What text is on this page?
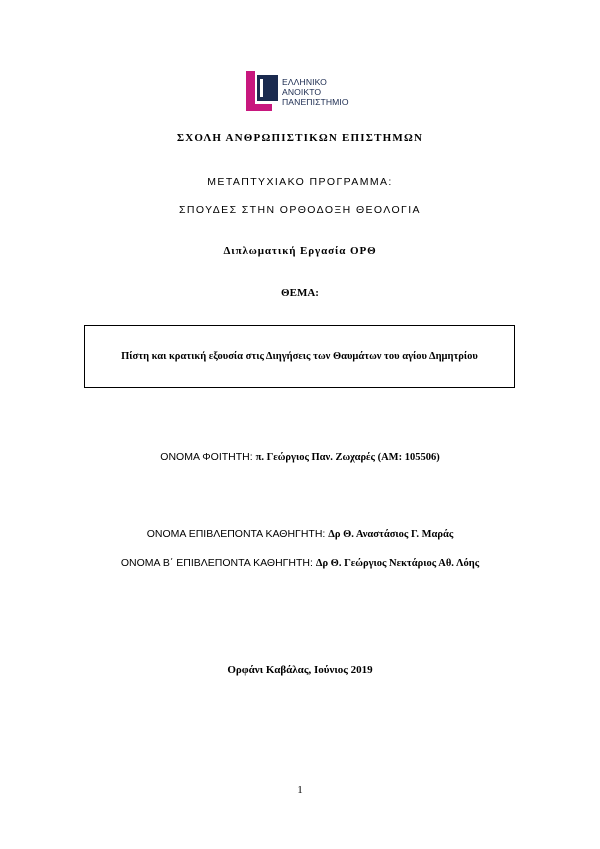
ΕΛΛΗΝΙΚΟ
ΑΝΟΙΚΤΟ
ΠΑΝΕΠΙΣΤΗΜΙΟ
ΣΧΟΛΗ ΑΝΘΡΩΠΙΣΤΙΚΩΝ ΕΠΙΣΤΗΜΩΝ
ΜΕΤΑΠΤΥΧΙΑΚΟ ΠΡΟΓΡΑΜΜΑ:
ΣΠΟΥΔΕΣ ΣΤΗΝ ΟΡΘΟΔΟΞΗ ΘΕΟΛΟΓΙΑ
Διπλωματική Εργασία ΟΡΘ
ΘΕΜΑ:
Πίστη και κρατική εξουσία στις Διηγήσεις των Θαυμάτων του αγίου Δημητρίου
ΟΝΟΜΑ ΦΟΙΤΗΤΗ: π. Γεώργιος Παν. Ζωχαρές (ΑΜ: 105506)
ΟΝΟΜΑ ΕΠΙΒΛΕΠΟΝΤΑ ΚΑΘΗΓΗΤΗ: Δρ Θ. Αναστάσιος Γ. Μαράς
ΟΝΟΜΑ Β΄ ΕΠΙΒΛΕΠΟΝΤΑ ΚΑΘΗΓΗΤΗ: Δρ Θ. Γεώργιος Νεκτάριος Αθ. Λόης
Ορφάνι Καβάλας, Ιούνιος 2019
1
